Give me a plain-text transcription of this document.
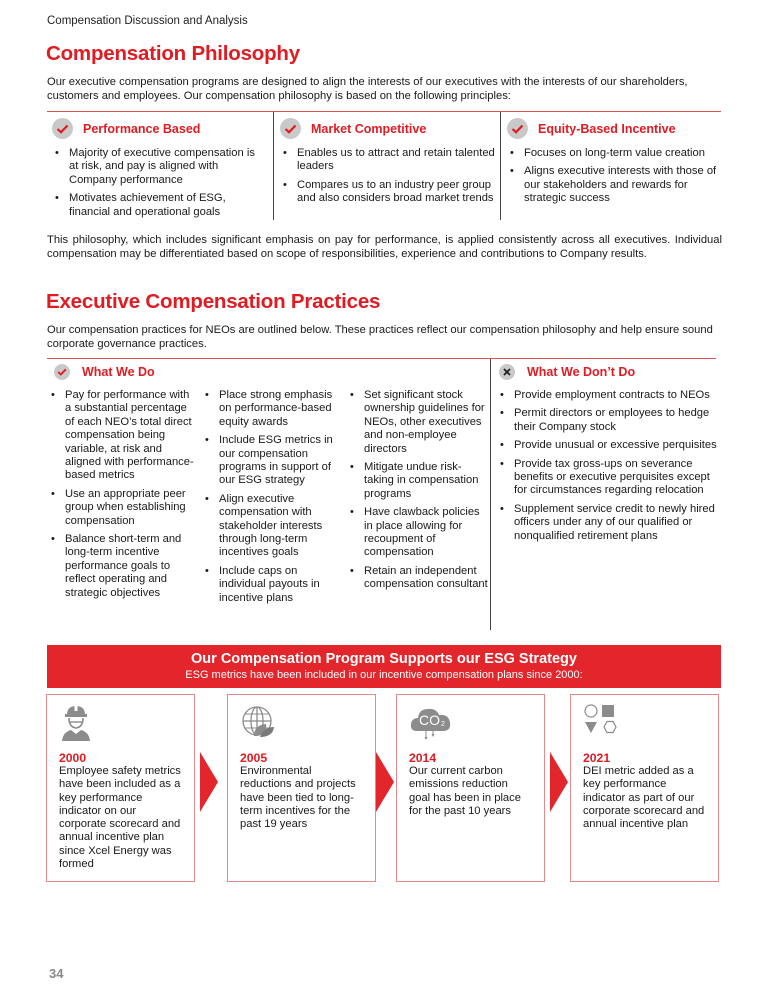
Compensation Discussion and Analysis
Compensation Philosophy

Our executive compensation programs are designed to align the interests of our executives with the interests of our shareholders, customers and employees. Our compensation philosophy is based on the following principles:

Performance Based
• Majority of executive compensation is at risk, and pay is aligned with Company performance
• Motivates achievement of ESG, financial and operational goals
Market Competitive
• Enables us to attract and retain talented leaders
• Compares us to an industry peer group and also considers broad market trends
Equity-Based Incentive
• Focuses on long-term value creation
• Aligns executive interests with those of our stakeholders and rewards for strategic success

This philosophy, which includes significant emphasis on pay for performance, is applied consistently across all executives. Individual compensation may be differentiated based on scope of responsibilities, experience and contributions to Company results.

Executive Compensation Practices

Our compensation practices for NEOs are outlined below. These practices reflect our compensation philosophy and help ensure sound corporate governance practices.

What We Do
• Pay for performance with a substantial percentage of each NEO’s total direct compensation being variable, at risk and aligned with performance-based metrics
• Use an appropriate peer group when establishing compensation
• Balance short-term and long-term incentive performance goals to reflect operating and strategic objectives
• Place strong emphasis on performance-based equity awards
• Include ESG metrics in our compensation programs in support of our ESG strategy
• Align executive compensation with stakeholder interests through long-term incentives goals
• Include caps on individual payouts in incentive plans
• Set significant stock ownership guidelines for NEOs, other executives and non-employee directors
• Mitigate undue risk-taking in compensation programs
• Have clawback policies in place allowing for recoupment of compensation
• Retain an independent compensation consultant
What We Don’t Do
• Provide employment contracts to NEOs
• Permit directors or employees to hedge their Company stock
• Provide unusual or excessive perquisites
• Provide tax gross-ups on severance benefits or executive perquisites except for circumstances regarding relocation
• Supplement service credit to newly hired officers under any of our qualified or nonqualified retirement plans
Our Compensation Program Supports our ESG Strategy
ESG metrics have been included in our incentive compensation plans since 2000:
2000
Employee safety metrics have been included as a key performance indicator on our corporate scorecard and annual incentive plan since Xcel Energy was formed
2005
Environmental reductions and projects have been tied to long-term incentives for the past 19 years
CO 2
2014
Our current carbon emissions reduction goal has been in place for the past 10 years
2021
DEI metric added as a key performance indicator as part of our corporate scorecard and annual incentive plan
34
